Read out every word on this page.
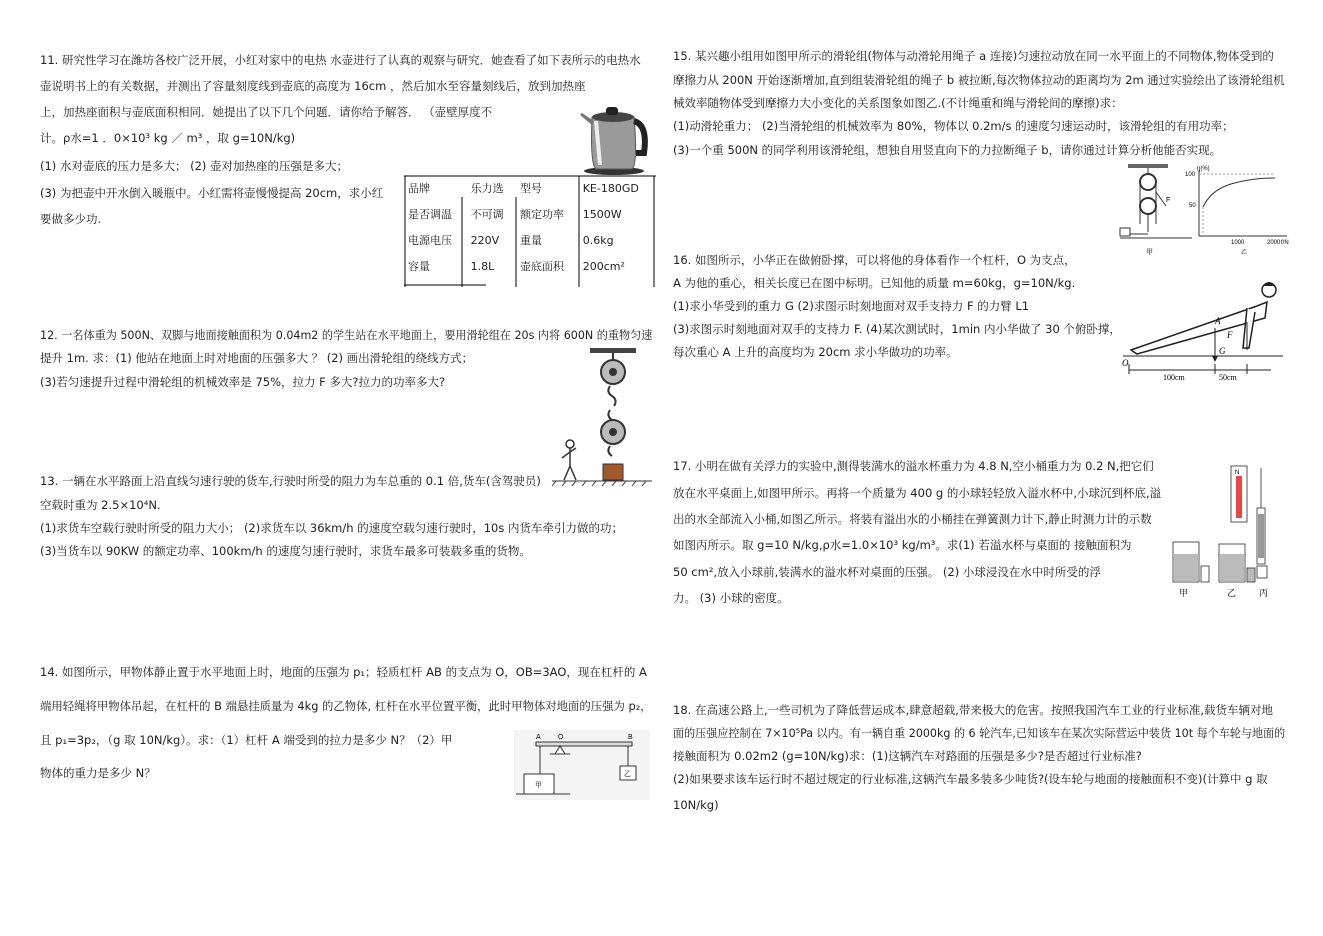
11. 研究性学习在潍坊各校广泛开展，小红对家中的电热 水壶进行了认真的观察与研究．她查看了如下表所示的电热水
壶说明书上的有关数据，并测出了容量刻度线到壶底的高度为 16cm ，然后加水至容量刻线后，放到加热座
上，加热座面积与壶底面积相同．她提出了以下几个问题．请你给予解答． （壶壁厚度不
计。ρ水=1 ．0×10³ kg ／ m³ ，取 g=10N/kg)
(1) 水对壶底的压力是多大； (2) 壶对加热座的压强是多大；
(3) 为把壶中开水倒入暖瓶中。小红需将壶慢慢提高 20cm，求小红
要做多少功.
品牌	乐力选	型号	KE-180GD
是否调温	不可调	额定功率	1500W
电源电压	220V	重量	0.6kg
容量	1.8L	壶底面积	200cm²
12. 一名体重为 500N、双脚与地面接触面积为 0.04m2 的学生站在水平地面上，要用滑轮组在 20s 内将 600N 的重物匀速
提升 1m. 求：(1) 他站在地面上时对地面的压强多大 ？ (2) 画出滑轮组的绕线方式；
(3)若匀速提升过程中滑轮组的机械效率是 75%，拉力 F 多大?拉力的功率多大?
13. 一辆在水平路面上沿直线匀速行驶的货车,行驶时所受的阻力为车总重的 0.1 倍,货车(含驾驶员)
空载时重为 2.5×10⁴N.
(1)求货车空载行驶时所受的阻力大小； (2)求货车以 36km/h 的速度空载匀速行驶时，10s 内货车牵引力做的功；
(3)当货车以 90KW 的额定功率、100km/h 的速度匀速行驶时，求货车最多可装载多重的货物。
14. 如图所示，甲物体静止置于水平地面上时，地面的压强为 p₁；轻质杠杆 AB 的支点为 O，OB=3AO，现在杠杆的 A
端用轻绳将甲物体吊起，在杠杆的 B 端悬挂质量为 4kg 的乙物体, 杠杆在水平位置平衡，此时甲物体对地面的压强为 p₂，
且 p₁=3p₂，（g 取 10N/kg）。求：（1）杠杆 A 端受到的拉力是多少 N？（2）甲
物体的重力是多少 N？
A O	B
甲
乙
15. 某兴趣小组用如图甲所示的滑轮组(物体与动滑轮用绳子 a 连接)匀速拉动放在同一水平面上的不同物体,物体受到的
摩擦力从 200N 开始逐渐增加,直到组装滑轮组的绳子 b 被拉断,每次物体拉动的距离均为 2m 通过实验绘出了该滑轮组机
械效率随物体受到摩擦力大小变化的关系图象如图乙.(不计绳重和绳与滑轮间的摩擦)求：
(1)动滑轮重力； (2)当滑轮组的机械效率为 80%，物体以 0.2m/s 的速度匀速运动时，该滑轮组的有用功率；
(3)一个重 500N 的同学利用该滑轮组，想独自用竖直向下的力拉断绳子 b，请你通过计算分析他能否实现。
F
甲
η(%)
100
50
1000	2000 f/N
乙
16. 如图所示，小华正在做俯卧撑，可以将他的身体看作一个杠杆，O 为支点，
A 为他的重心，相关长度已在图中标明。已知他的质量 m=60kg，g=10N/kg.
(1)求小华受到的重力 G (2)求图示时刻地面对双手支持力 F 的力臂 L1
(3)求图示时刻地面对双手的支持力 F. (4)某次测试时，1min 内小华做了 30 个俯卧撑，
每次重心 A 上升的高度均为 20cm 求小华做功的功率。
O
A
G
F
100cm	50cm
17. 小明在做有关浮力的实验中,测得装满水的溢水杯重力为 4.8 N,空小桶重力为 0.2 N,把它们
放在水平桌面上,如图甲所示。再将一个质量为 400 g 的小球轻轻放入溢水杯中,小球沉到杯底,溢
出的水全部流入小桶,如图乙所示。将装有溢出水的小桶挂在弹簧测力计下,静止时测力计的示数
如图丙所示。取 g=10 N/kg,ρ水=1.0×10³ kg/m³。求(1) 若溢水杯与桌面的 接触面积为
50 cm²,放入小球前,装满水的溢水杯对桌面的压强。 (2) 小球浸没在水中时所受的浮
力。 (3) 小球的密度。
N
甲	乙	丙
18. 在高速公路上,一些司机为了降低营运成本,肆意超载,带来极大的危害。按照我国汽车工业的行业标准,载货车辆对地
面的压强应控制在 7×10⁵Pa 以内。有一辆自重 2000kg 的 6 轮汽车,已知该车在某次实际营运中装货 10t 每个车轮与地面的
接触面积为 0.02m2 (g=10N/kg)求：(1)这辆汽车对路面的压强是多少?是否超过行业标准?
(2)如果要求该车运行时不超过规定的行业标准,这辆汽车最多装多少吨货?(设车轮与地面的接触面积不变)(计算中 g 取
10N/kg)
